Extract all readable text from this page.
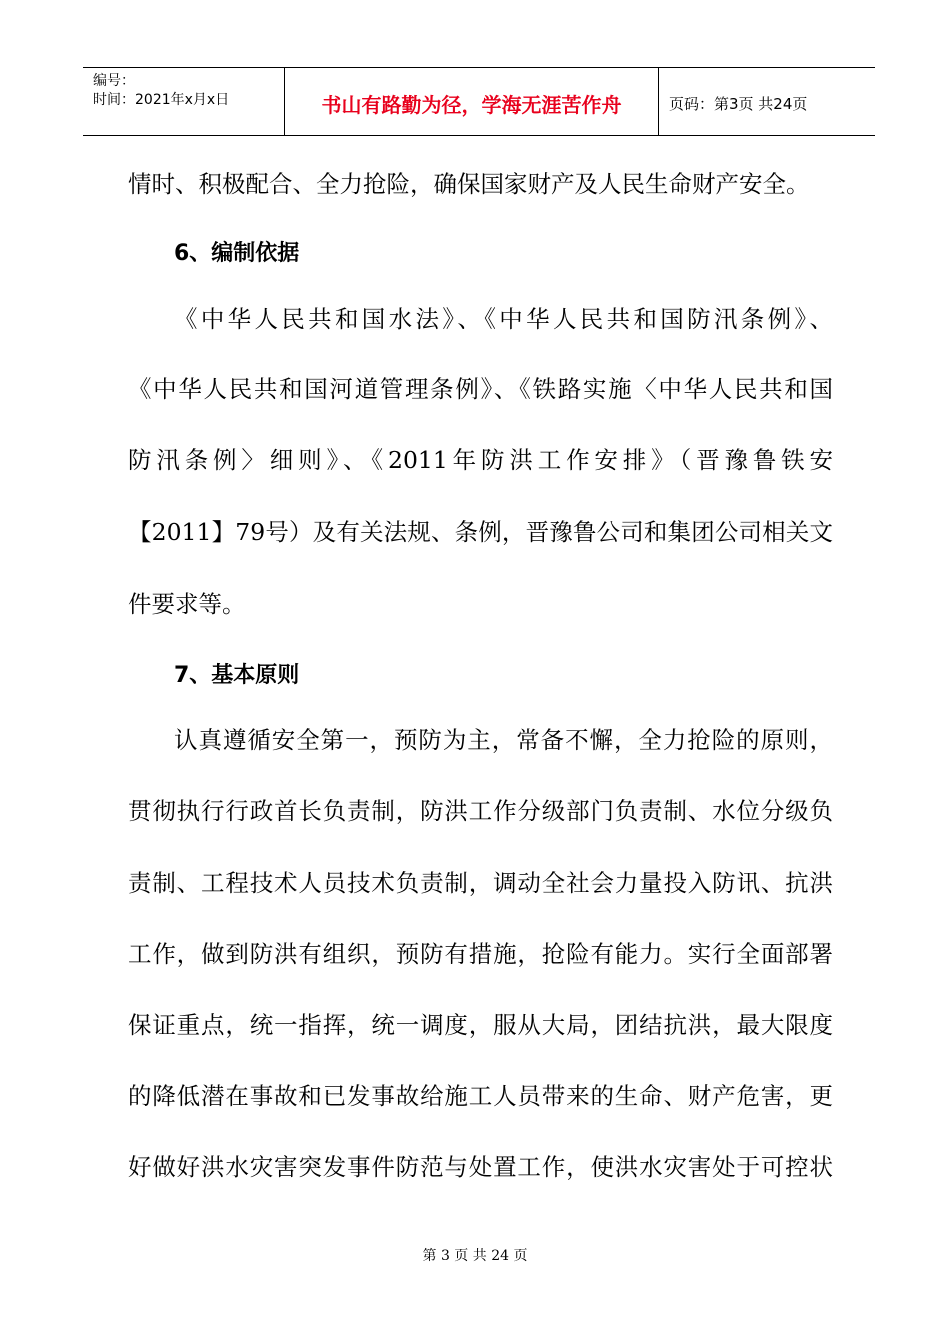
编号：
时间：2021年x月x日	书山有路勤为径，学海无涯苦作舟	页码：第3页 共24页
情时、积极配合、全力抢险，确保国家财产及人民生命财产安全。
6、编制依据
《中华人民共和国水法》、《中华人民共和国防汛条例》、
《中华人民共和国河道管理条例》、《铁路实施〈中华人民共和国
防汛条例〉细则》、《2011年防洪工作安排》（晋豫鲁铁安
【2011】79号）及有关法规、条例，晋豫鲁公司和集团公司相关文
件要求等。
7、基本原则
认真遵循安全第一，预防为主，常备不懈，全力抢险的原则，
贯彻执行行政首长负责制，防洪工作分级部门负责制、水位分级负
责制、工程技术人员技术负责制，调动全社会力量投入防讯、抗洪
工作，做到防洪有组织，预防有措施，抢险有能力。实行全面部署
保证重点，统一指挥，统一调度，服从大局，团结抗洪，最大限度
的降低潜在事故和已发事故给施工人员带来的生命、财产危害，更
好做好洪水灾害突发事件防范与处置工作，使洪水灾害处于可控状
第 3 页 共 24 页
